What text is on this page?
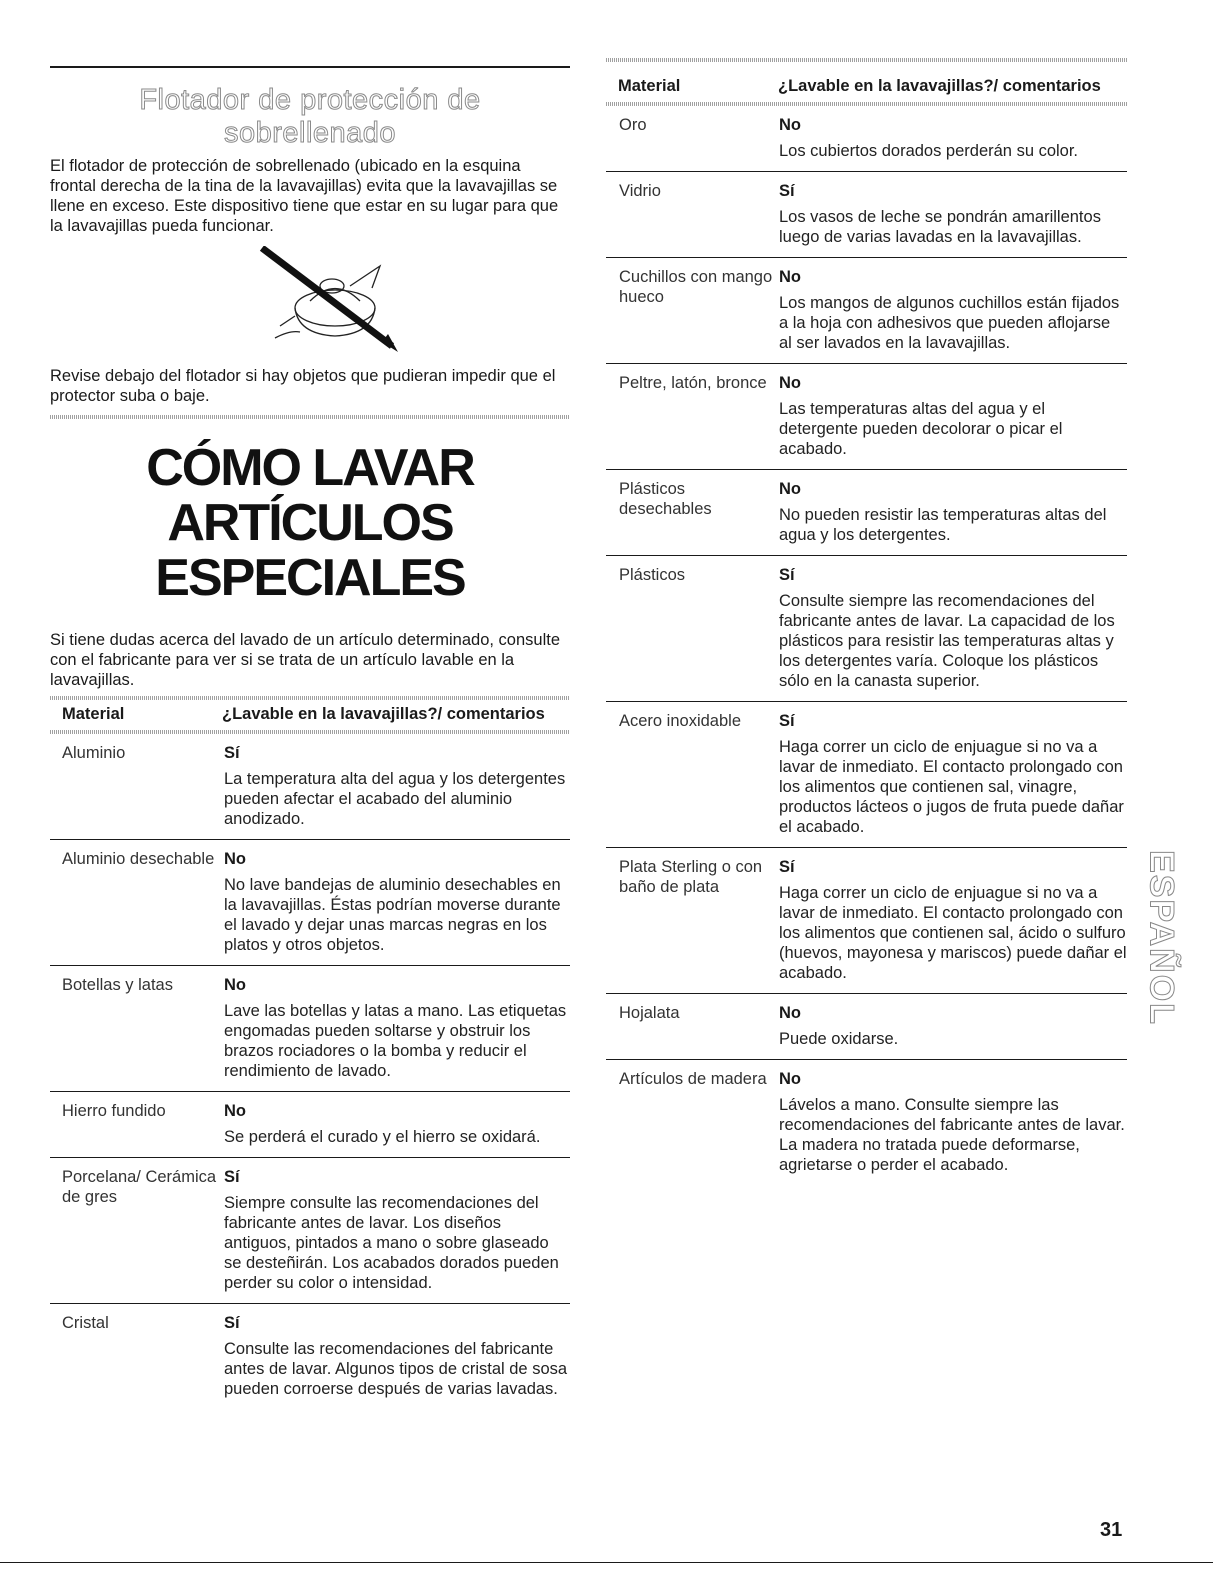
Flotador de protección de
sobrellenado

El flotador de protección de sobrellenado (ubicado en la esquina frontal derecha de la tina de la lavavajillas) evita que la lavavajillas se llene en exceso. Este dispositivo tiene que estar en su lugar para que la lavavajillas pueda funcionar.

Revise debajo del flotador si hay objetos que pudieran impedir que el protector suba o baje.

CÓMO LAVAR
ARTÍCULOS
ESPECIALES

Si tiene dudas acerca del lavado de un artículo determinado, consulte con el fabricante para ver si se trata de un artículo lavable en la lavavajillas.

Material	¿Lavable en la lavavajillas?/ comentarios
Aluminio	Sí
La temperatura alta del agua y los detergentes pueden afectar el acabado del aluminio anodizado.

Aluminio desechable	No
No lave bandejas de aluminio desechables en la lavavajillas. Éstas podrían moverse durante el lavado y dejar unas marcas negras en los platos y otros objetos.

Botellas y latas	No
Lave las botellas y latas a mano. Las etiquetas engomadas pueden soltarse y obstruir los brazos rociadores o la bomba y reducir el rendimiento de lavado.

Hierro fundido	No
Se perderá el curado y el hierro se oxidará.

Porcelana/ Cerámica de gres	Sí
Siempre consulte las recomendaciones del fabricante antes de lavar. Los diseños antiguos, pintados a mano o sobre glaseado se desteñirán. Los acabados dorados pueden perder su color o intensidad.

Cristal	Sí
Consulte las recomendaciones del fabricante antes de lavar. Algunos tipos de cristal de sosa pueden corroerse después de varias lavadas.
Material	¿Lavable en la lavavajillas?/ comentarios
Oro	No
Los cubiertos dorados perderán su color.

Vidrio	Sí
Los vasos de leche se pondrán amarillentos luego de varias lavadas en la lavavajillas.

Cuchillos con mango hueco	No
Los mangos de algunos cuchillos están fijados a la hoja con adhesivos que pueden aflojarse al ser lavados en la lavavajillas.

Peltre, latón, bronce	No
Las temperaturas altas del agua y el detergente pueden decolorar o picar el acabado.

Plásticos desechables	No
No pueden resistir las temperaturas altas del agua y los detergentes.

Plásticos	Sí
Consulte siempre las recomendaciones del fabricante antes de lavar. La capacidad de los plásticos para resistir las temperaturas altas y los detergentes varía. Coloque los plásticos sólo en la canasta superior.

Acero inoxidable	Sí
Haga correr un ciclo de enjuague si no va a lavar de inmediato. El contacto prolongado con los alimentos que contienen sal, vinagre, productos lácteos o jugos de fruta puede dañar el acabado.

Plata Sterling o con baño de plata	Sí
Haga correr un ciclo de enjuague si no va a lavar de inmediato. El contacto prolongado con los alimentos que contienen sal, ácido o sulfuro (huevos, mayonesa y mariscos) puede dañar el acabado.

Hojalata	No
Puede oxidarse.

Artículos de madera	No
Lávelos a mano. Consulte siempre las recomendaciones del fabricante antes de lavar. La madera no tratada puede deformarse, agrietarse o perder el acabado.
ESPAÑOL
31
